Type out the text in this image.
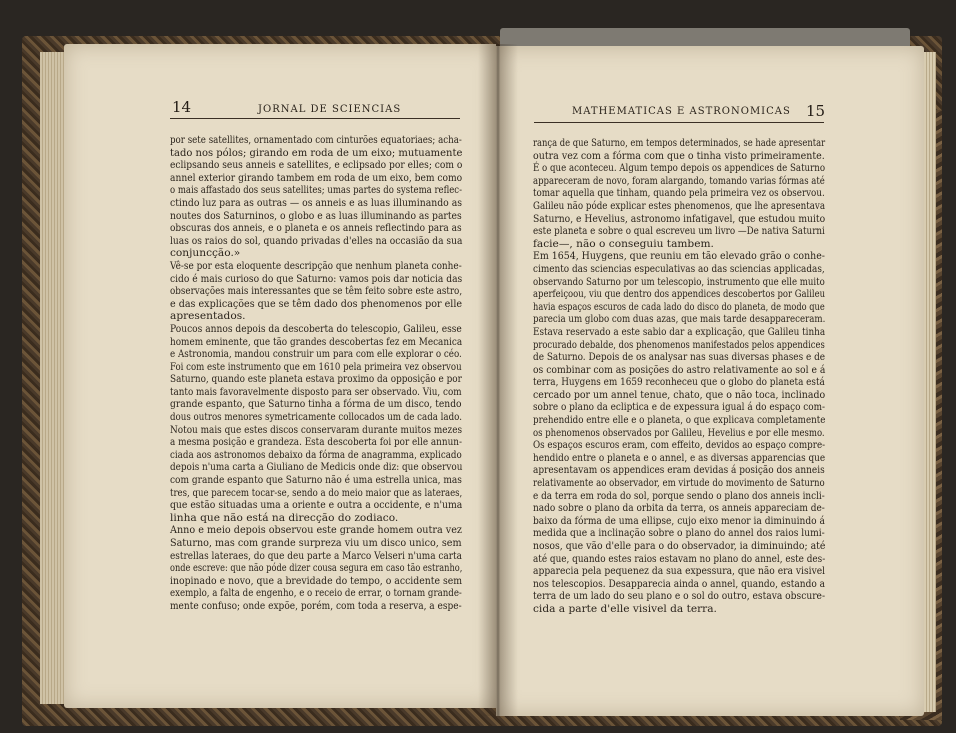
14	JORNAL DE SCIENCIAS	MATHEMATICAS E ASTRONOMICAS 15
por sete satellites, ornamentado com cinturões equatoriaes; acha-
tado nos pólos; girando em roda de um eixo; mutuamente
eclipsando seus anneis e satellites, e eclipsado por elles; com o
annel exterior girando tambem em roda de um eixo, bem como
o mais affastado dos seus satellites; umas partes do systema reflec-
ctindo luz para as outras — os anneis e as luas illuminando as
noutes dos Saturninos, o globo e as luas illuminando as partes
obscuras dos anneis, e o planeta e os anneis reflectindo para as
luas os raios do sol, quando privadas d'elles na occasião da sua
conjuncção.»
Vê-se por esta eloquente descripção que nenhum planeta conhe-
cido é mais curioso do que Saturno: vamos pois dar noticia das
observações mais interessantes que se têm feito sobre este astro,
e das explicações que se têm dado dos phenomenos por elle
apresentados.
Poucos annos depois da descoberta do telescopio, Galileu, esse
homem eminente, que tão grandes descobertas fez em Mecanica
e Astronomia, mandou construir um para com elle explorar o céo.
Foi com este instrumento que em 1610 pela primeira vez observou
Saturno, quando este planeta estava proximo da opposição e por
tanto mais favoravelmente disposto para ser observado. Viu, com
grande espanto, que Saturno tinha a fórma de um disco, tendo
dous outros menores symetricamente collocados um de cada lado.
Notou mais que estes discos conservaram durante muitos mezes
a mesma posição e grandeza. Esta descoberta foi por elle annun-
ciada aos astronomos debaixo da fórma de anagramma, explicado
depois n'uma carta a Giuliano de Medicis onde diz: que observou
com grande espanto que Saturno não é uma estrella unica, mas
tres, que parecem tocar-se, sendo a do meio maior que as lateraes,
que estão situadas uma a oriente e outra a occidente, e n'uma
linha que não está na direcção do zodiaco.
Anno e meio depois observou este grande homem outra vez
Saturno, mas com grande surpreza viu um disco unico, sem
estrellas lateraes, do que deu parte a Marco Velseri n'uma carta
onde escreve: que não póde dizer cousa segura em caso tão estranho,
inopinado e novo, que a brevidade do tempo, o accidente sem
exemplo, a falta de engenho, e o receio de errar, o tornam grande-
mente confuso; onde expõe, porém, com toda a reserva, a espe-
rança de que Saturno, em tempos determinados, se hade apresentar
outra vez com a fórma com que o tinha visto primeiramente.
É o que aconteceu. Algum tempo depois os appendices de Saturno
appareceram de novo, foram alargando, tomando varias fórmas até
tomar aquella que tinham, quando pela primeira vez os observou.
Galileu não póde explicar estes phenomenos, que lhe apresentava
Saturno, e Hevelius, astronomo infatigavel, que estudou muito
este planeta e sobre o qual escreveu um livro —De nativa Saturni
facie—, não o conseguiu tambem.
Em 1654, Huygens, que reuniu em tão elevado grão o conhe-
cimento das sciencias especulativas ao das sciencias applicadas,
observando Saturno por um telescopio, instrumento que elle muito
aperfeiçoou, viu que dentro dos appendices descobertos por Galileu
havia espaços escuros de cada lado do disco do planeta, de modo que
parecia um globo com duas azas, que mais tarde desappareceram.
Estava reservado a este sabio dar a explicação, que Galileu tinha
procurado debalde, dos phenomenos manifestados pelos appendices
de Saturno. Depois de os analysar nas suas diversas phases e de
os combinar com as posições do astro relativamente ao sol e á
terra, Huygens em 1659 reconheceu que o globo do planeta está
cercado por um annel tenue, chato, que o não toca, inclinado
sobre o plano da ecliptica e de expessura igual á do espaço com-
prehendido entre elle e o planeta, o que explicava completamente
os phenomenos observados por Galileu, Hevelius e por elle mesmo.
Os espaços escuros eram, com effeito, devidos ao espaço compre-
hendido entre o planeta e o annel, e as diversas apparencias que
apresentavam os appendices eram devidas á posição dos anneis
relativamente ao observador, em virtude do movimento de Saturno
e da terra em roda do sol, porque sendo o plano dos anneis incli-
nado sobre o plano da orbita da terra, os anneis appareciam de-
baixo da fórma de uma ellipse, cujo eixo menor ia diminuindo á
medida que a inclinação sobre o plano do annel dos raios lumi-
nosos, que vão d'elle para o do observador, ia diminuindo; até
até que, quando estes raios estavam no plano do annel, este des-
apparecia pela pequenez da sua expessura, que não era visivel
nos telescopios. Desapparecia ainda o annel, quando, estando a
terra de um lado do seu plano e o sol do outro, estava obscure-
cida a parte d'elle visivel da terra.
